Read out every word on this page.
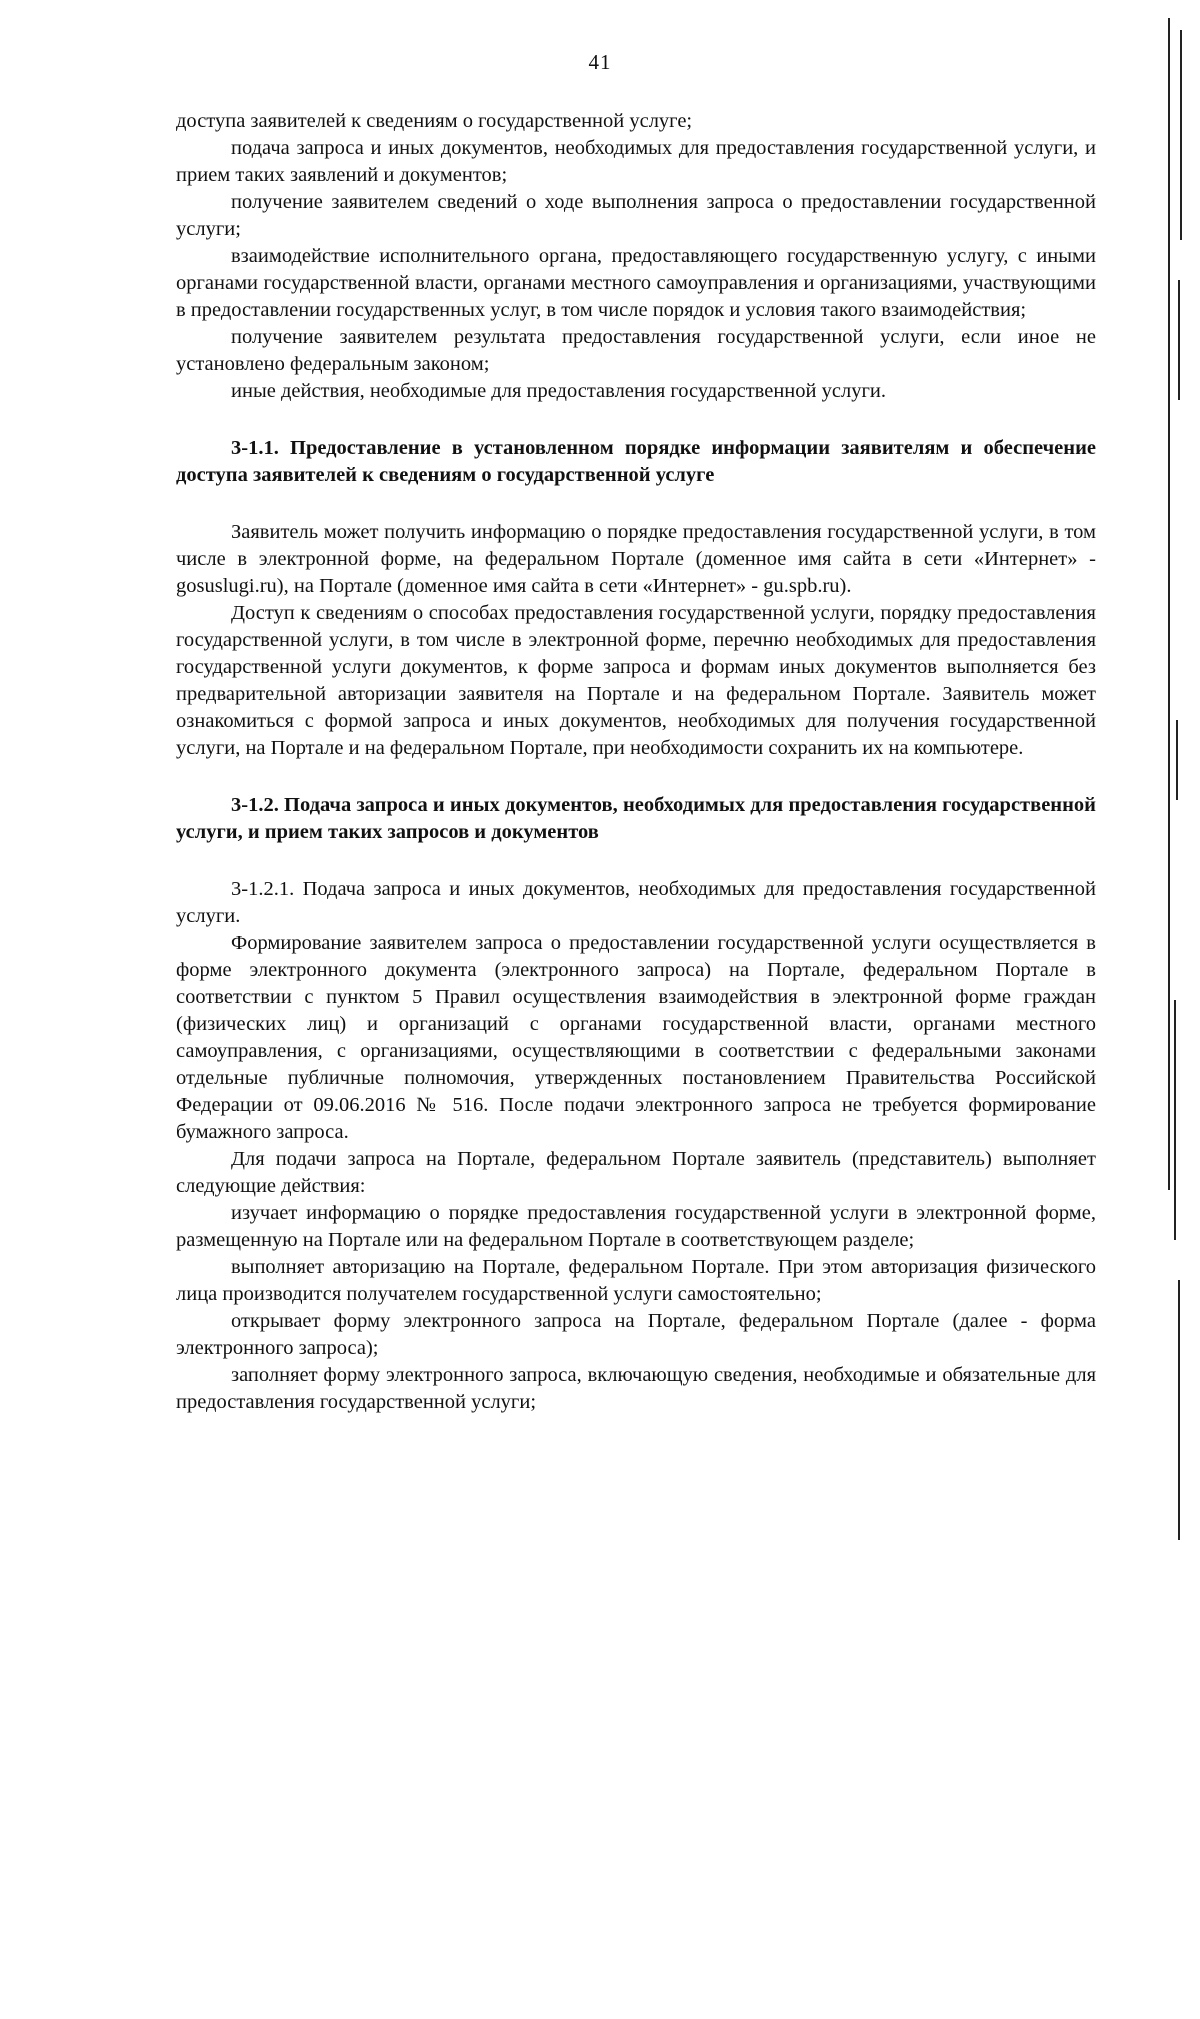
41

доступа заявителей к сведениям о государственной услуге;

подача запроса и иных документов, необходимых для предоставления государственной услуги, и прием таких заявлений и документов;

получение заявителем сведений о ходе выполнения запроса о предоставлении государственной услуги;

взаимодействие исполнительного органа, предоставляющего государственную услугу, с иными органами государственной власти, органами местного самоуправления и организациями, участвующими в предоставлении государственных услуг, в том числе порядок и условия такого взаимодействия;

получение заявителем результата предоставления государственной услуги, если иное не установлено федеральным законом;

иные действия, необходимые для предоставления государственной услуги.

3-1.1. Предоставление в установленном порядке информации заявителям и обеспечение доступа заявителей к сведениям о государственной услуге

Заявитель может получить информацию о порядке предоставления государственной услуги, в том числе в электронной форме, на федеральном Портале (доменное имя сайта в сети «Интернет» - gosuslugi.ru), на Портале (доменное имя сайта в сети «Интернет» - gu.spb.ru).

Доступ к сведениям о способах предоставления государственной услуги, порядку предоставления государственной услуги, в том числе в электронной форме, перечню необходимых для предоставления государственной услуги документов, к форме запроса и формам иных документов выполняется без предварительной авторизации заявителя на Портале и на федеральном Портале. Заявитель может ознакомиться с формой запроса и иных документов, необходимых для получения государственной услуги, на Портале и на федеральном Портале, при необходимости сохранить их на компьютере.

3-1.2. Подача запроса и иных документов, необходимых для предоставления государственной услуги, и прием таких запросов и документов

3-1.2.1. Подача запроса и иных документов, необходимых для предоставления государственной услуги.

Формирование заявителем запроса о предоставлении государственной услуги осуществляется в форме электронного документа (электронного запроса) на Портале, федеральном Портале в соответствии с пунктом 5 Правил осуществления взаимодействия в электронной форме граждан (физических лиц) и организаций с органами государственной власти, органами местного самоуправления, с организациями, осуществляющими в соответствии с федеральными законами отдельные публичные полномочия, утвержденных постановлением Правительства Российской Федерации от 09.06.2016 № 516. После подачи электронного запроса не требуется формирование бумажного запроса.

Для подачи запроса на Портале, федеральном Портале заявитель (представитель) выполняет следующие действия:

изучает информацию о порядке предоставления государственной услуги в электронной форме, размещенную на Портале или на федеральном Портале в соответствующем разделе;

выполняет авторизацию на Портале, федеральном Портале. При этом авторизация физического лица производится получателем государственной услуги самостоятельно;

открывает форму электронного запроса на Портале, федеральном Портале (далее - форма электронного запроса);

заполняет форму электронного запроса, включающую сведения, необходимые и обязательные для предоставления государственной услуги;
